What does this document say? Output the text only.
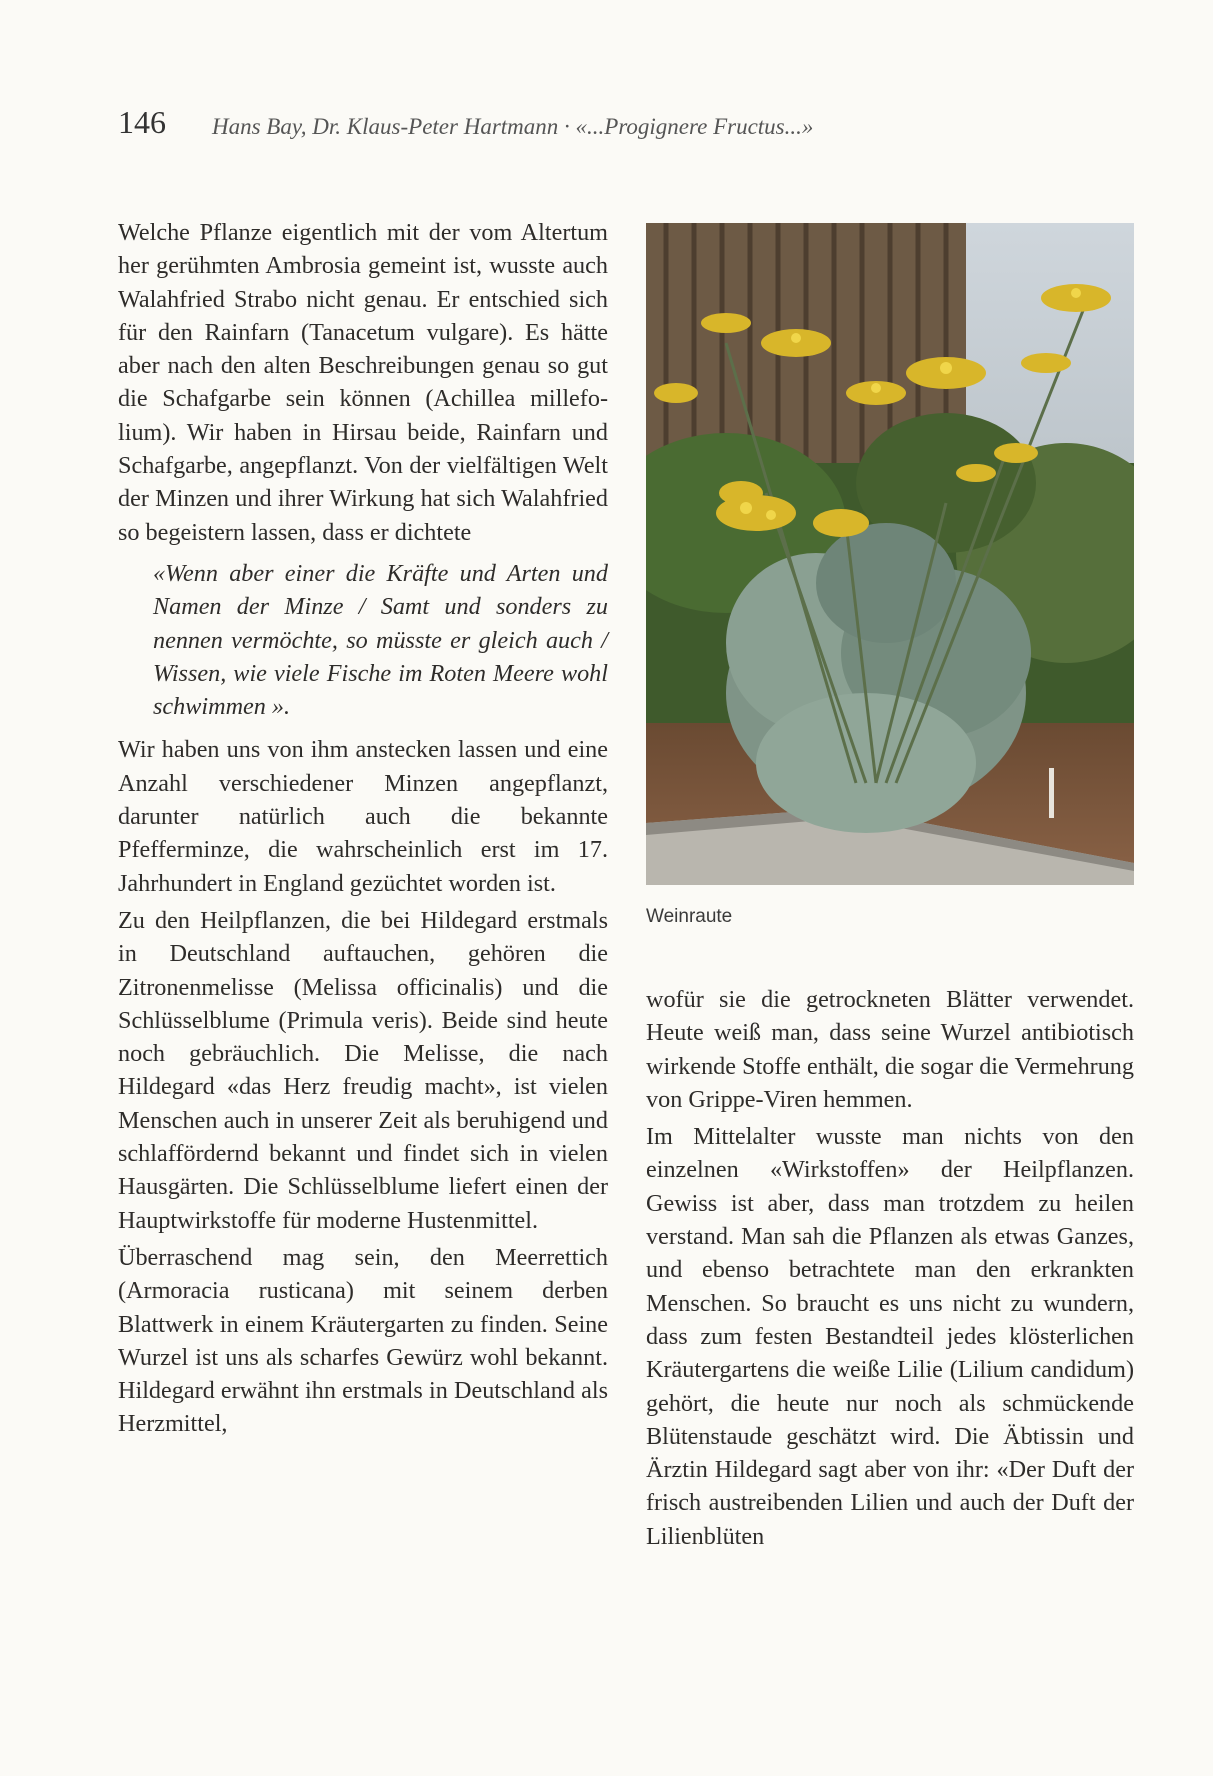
146 Hans Bay, Dr. Klaus-Peter Hartmann · «...Progignere Fructus...»

Welche Pflanze eigentlich mit der vom Altertum her gerühmten Ambrosia gemeint ist, wusste auch Walahfried Strabo nicht genau. Er entschied sich für den Rainfarn (Tanacetum vulgare). Es hätte aber nach den alten Beschreibungen genau so gut die Schafgarbe sein können (Achillea millefolium). Wir haben in Hirsau beide, Rainfarn und Schafgarbe, angepflanzt. Von der vielfältigen Welt der Minzen und ihrer Wirkung hat sich Walahfried so begeistern lassen, dass er dichtete

«Wenn aber einer die Kräfte und Arten und Namen der Minze / Samt und sonders zu nennen vermöchte, so müsste er gleich auch / Wissen, wie viele Fische im Roten Meere wohl schwimmen ».

Wir haben uns von ihm anstecken lassen und eine Anzahl verschiedener Minzen angepflanzt, darunter natürlich auch die bekannte Pfefferminze, die wahrscheinlich erst im 17. Jahrhundert in England gezüchtet worden ist.

Zu den Heilpflanzen, die bei Hildegard erstmals in Deutschland auftauchen, gehören die Zitronenmelisse (Melissa officinalis) und die Schlüsselblume (Primula veris). Beide sind heute noch gebräuchlich. Die Melisse, die nach Hildegard «das Herz freudig macht», ist vielen Menschen auch in unserer Zeit als beruhigend und schlaffördernd bekannt und findet sich in vielen Hausgärten. Die Schlüsselblume liefert einen der Hauptwirkstoffe für moderne Hustenmittel.

Überraschend mag sein, den Meerrettich (Armoracia rusticana) mit seinem derben Blattwerk in einem Kräutergarten zu finden. Seine Wurzel ist uns als scharfes Gewürz wohl bekannt. Hildegard erwähnt ihn erstmals in Deutschland als Herzmittel,

Weinraute

wofür sie die getrockneten Blätter verwendet. Heute weiß man, dass seine Wurzel antibiotisch wirkende Stoffe enthält, die sogar die Vermehrung von Grippe-Viren hemmen.

Im Mittelalter wusste man nichts von den einzelnen «Wirkstoffen» der Heilpflanzen. Gewiss ist aber, dass man trotzdem zu heilen verstand. Man sah die Pflanzen als etwas Ganzes, und ebenso betrachtete man den erkrankten Menschen. So braucht es uns nicht zu wundern, dass zum festen Bestandteil jedes klösterlichen Kräutergartens die weiße Lilie (Lilium candidum) gehört, die heute nur noch als schmückende Blütenstaude geschätzt wird. Die Äbtissin und Ärztin Hildegard sagt aber von ihr: «Der Duft der frisch austreibenden Lilien und auch der Duft der Lilienblüten
